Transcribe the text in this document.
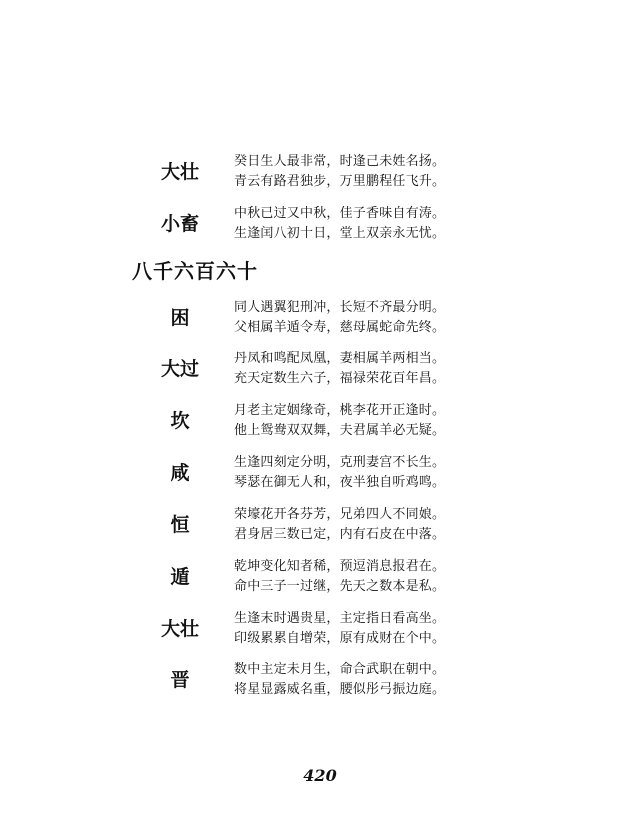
大壮	癸日生人最非常，时逢己未姓名扬。
青云有路君独步，万里鹏程任飞升。
小畜	中秋已过又中秋，佳子香味自有涛。
生逢闰八初十日，堂上双亲永无忧。
八千六百六十
困	同人遇翼犯刑冲，长短不齐最分明。
父相属羊遁令寿，慈母属蛇命先终。
大过	丹凤和鸣配凤凰，妻相属羊两相当。
充天定数生六子，福禄荣花百年昌。
坎	月老主定姻缘奇，桃李花开正逢时。
他上鸳鸯双双舞，夫君属羊必无疑。
咸	生逢四刻定分明，克刑妻宫不长生。
琴瑟在御无人和，夜半独自听鸡鸣。
恒	荣壕花开各芬芳，兄弟四人不同娘。
君身居三数已定，内有石皮在中落。
遁	乾坤变化知者稀，预逗消息报君在。
命中三子一过继，先天之数本是私。
大壮	生逢末时遇贵星，主定指日看高坐。
印级累累自增荣，原有成财在个中。
晋	数中主定未月生，命合武职在朝中。
将星显露威名重，腰似彤弓振边庭。
420
